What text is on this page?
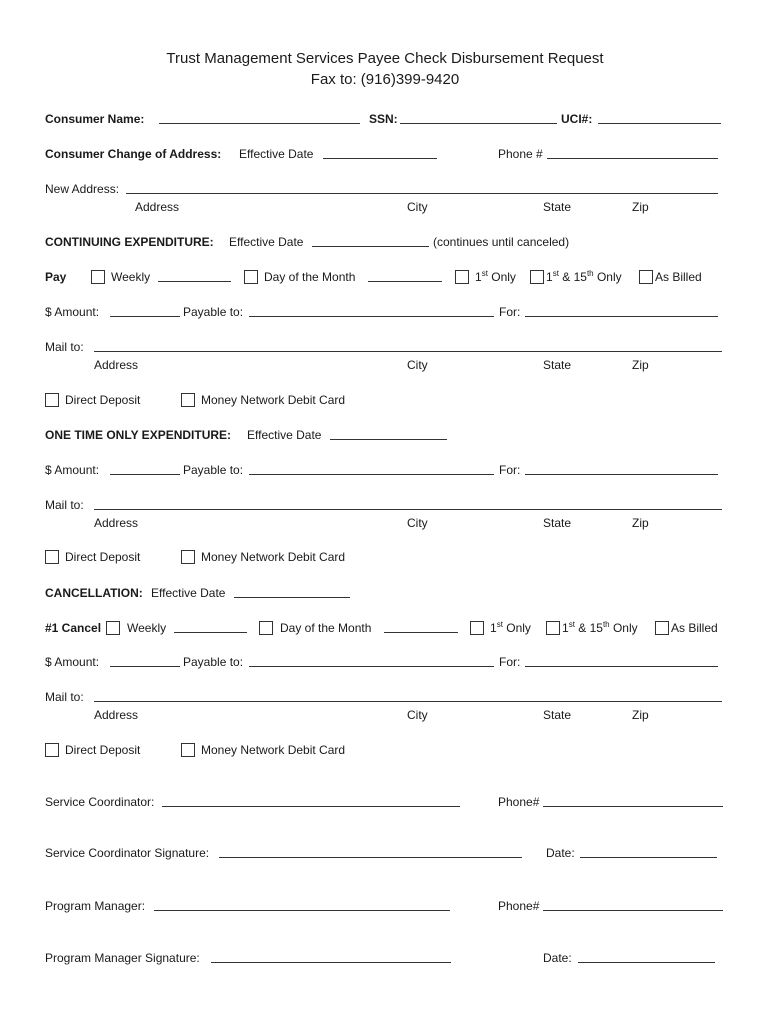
Trust Management Services Payee Check Disbursement Request
Fax to: (916)399-9420
Consumer Name:	SSN:	UCI#:
Consumer Change of Address: Effective Date	Phone #
New Address:
Address	City	State	Zip
CONTINUING EXPENDITURE: Effective Date	(continues until canceled)
Pay	Weekly	Day of the Month	1st Only	1st & 15th Only	As Billed
$ Amount:	Payable to:	For:
Mail to:
Address	City	State	Zip
Direct Deposit	Money Network Debit Card
ONE TIME ONLY EXPENDITURE: Effective Date
$ Amount:	Payable to:	For:
Mail to:
Address	City	State	Zip
Direct Deposit	Money Network Debit Card
CANCELLATION: Effective Date
#1 Cancel Weekly	Day of the Month	1st Only	1st & 15th Only	As Billed
$ Amount:	Payable to:	For:
Mail to:
Address	City	State	Zip
Direct Deposit	Money Network Debit Card
Service Coordinator:	Phone#
Service Coordinator Signature:	Date:
Program Manager:	Phone#
Program Manager Signature:	Date:
